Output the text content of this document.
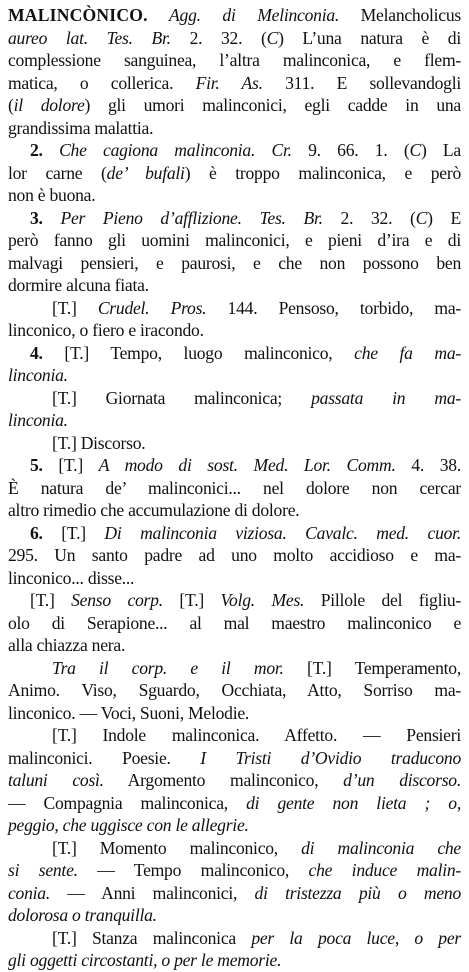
MALINCÒNICO. Agg. di Melinconia. Melancholicus
aureo lat. Tes. Br. 2. 32. (C) L’una natura è di
complessione sanguinea, l’altra malinconica, e flem-
matica, o collerica. Fir. As. 311. E sollevandogli
(il dolore) gli umori malinconici, egli cadde in una
grandissima malattia.
2. Che cagiona malinconia. Cr. 9. 66. 1. (C) La
lor carne (de’ bufali) è troppo malinconica, e però
non è buona.
3. Per Pieno d’afflizione. Tes. Br. 2. 32. (C) E
però fanno gli uomini malinconici, e pieni d’ira e di
malvagi pensieri, e paurosi, e che non possono ben
dormire alcuna fiata.
[T.] Crudel. Pros. 144. Pensoso, torbido, ma-
linconico, o fiero e iracondo.
4. [T.] Tempo, luogo malinconico, che fa ma-
linconia.
[T.] Giornata malinconica; passata in ma-
linconia.
[T.] Discorso.
5. [T.] A modo di sost. Med. Lor. Comm. 4. 38.
È natura de’ malinconici... nel dolore non cercar
altro rimedio che accumulazione di dolore.
6. [T.] Di malinconia viziosa. Cavalc. med. cuor.
295. Un santo padre ad uno molto accidioso e ma-
linconico... disse...
[T.] Senso corp. [T.] Volg. Mes. Pillole del figliu-
olo di Serapione... al mal maestro malinconico e
alla chiazza nera.
Tra il corp. e il mor. [T.] Temperamento,
Animo. Viso, Sguardo, Occhiata, Atto, Sorriso ma-
linconico. — Voci, Suoni, Melodie.
[T.] Indole malinconica. Affetto. — Pensieri
malinconici. Poesie. I Tristi d’Ovidio traducono
taluni così. Argomento malinconico, d’un discorso.
— Compagnia malinconica, di gente non lieta ; o,
peggio, che uggisce con le allegrie.
[T.] Momento malinconico, di malinconia che
si sente. — Tempo malinconico, che induce malin-
conia. — Anni malinconici, di tristezza più o meno
dolorosa o tranquilla.
[T.] Stanza malinconica per la poca luce, o per
gli oggetti circostanti, o per le memorie.
